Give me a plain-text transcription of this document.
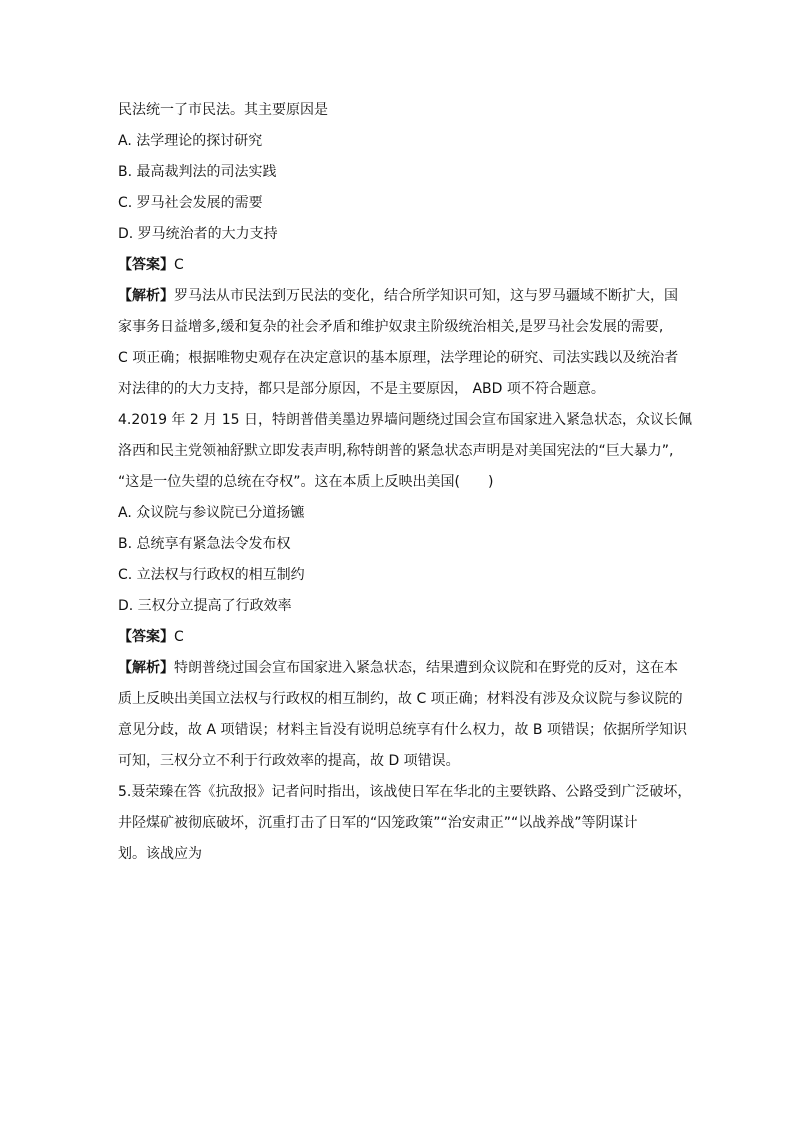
民法统一了市民法。其主要原因是

A. 法学理论的探讨研究

B. 最高裁判法的司法实践

C. 罗马社会发展的需要

D. 罗马统治者的大力支持

【答案】C

【解析】罗马法从市民法到万民法的变化，结合所学知识可知，这与罗马疆域不断扩大，国

家事务日益增多,缓和复杂的社会矛盾和维护奴隶主阶级统治相关,是罗马社会发展的需要,

C 项正确；根据唯物史观存在决定意识的基本原理，法学理论的研究、司法实践以及统治者

对法律的的大力支持，都只是部分原因，不是主要原因， ABD 项不符合题意。

4.2019 年 2 月 15 日，特朗普借美墨边界墙问题绕过国会宣布国家进入紧急状态，众议长佩

洛西和民主党领袖舒默立即发表声明,称特朗普的紧急状态声明是对美国宪法的“巨大暴力”,

“这是一位失望的总统在夺权”。这在本质上反映出美国(　　)

A. 众议院与参议院已分道扬镳

B. 总统享有紧急法令发布权

C. 立法权与行政权的相互制约

D. 三权分立提高了行政效率

【答案】C

【解析】特朗普绕过国会宣布国家进入紧急状态，结果遭到众议院和在野党的反对，这在本

质上反映出美国立法权与行政权的相互制约，故 C 项正确；材料没有涉及众议院与参议院的

意见分歧，故 A 项错误；材料主旨没有说明总统享有什么权力，故 B 项错误；依据所学知识

可知，三权分立不利于行政效率的提高，故 D 项错误。

5.聂荣臻在答《抗敌报》记者问时指出，该战使日军在华北的主要铁路、公路受到广泛破坏，

井陉煤矿被彻底破坏，沉重打击了日军的“囚笼政策”“治安肃正”“以战养战”等阴谋计

划。该战应为
